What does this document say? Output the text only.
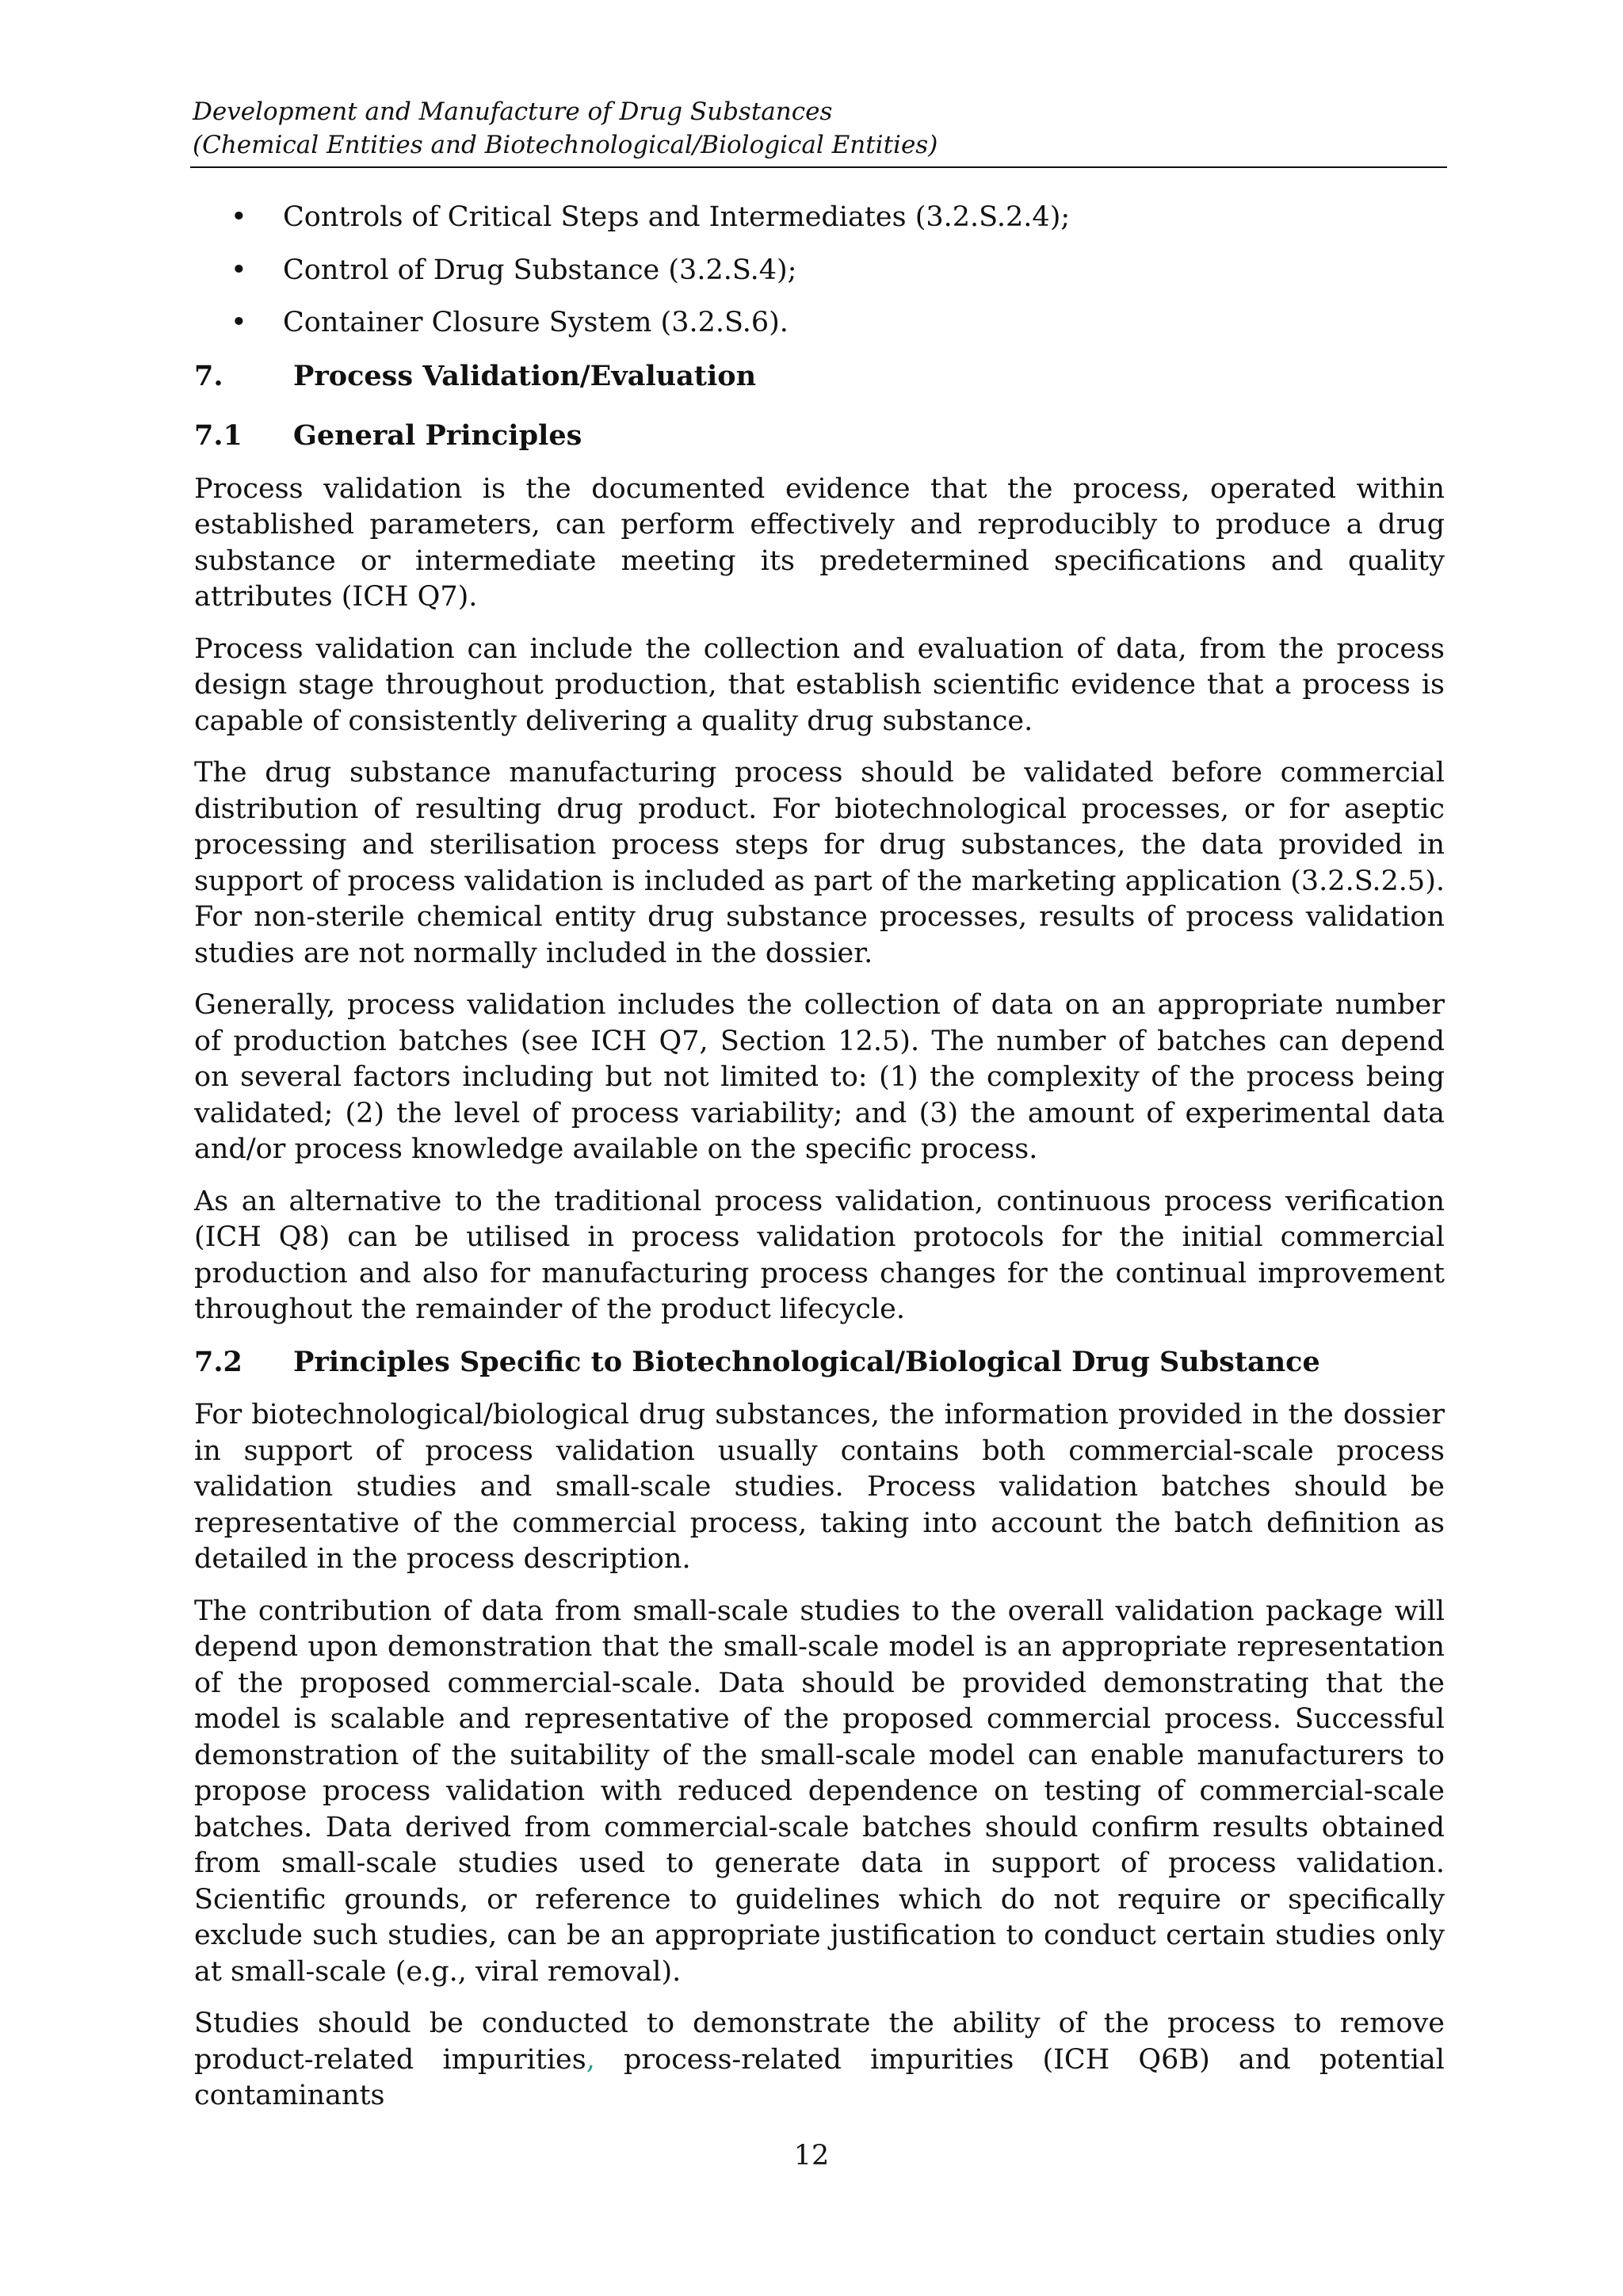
Development and Manufacture of Drug Substances
(Chemical Entities and Biotechnological/Biological Entities)
• Controls of Critical Steps and Intermediates (3.2.S.2.4);
• Control of Drug Substance (3.2.S.4);
• Container Closure System (3.2.S.6).
7.	Process Validation/Evaluation
7.1	General Principles

Process validation is the documented evidence that the process, operated within established parameters, can perform effectively and reproducibly to produce a drug substance or intermediate meeting its predetermined specifications and quality attributes (ICH Q7).

Process validation can include the collection and evaluation of data, from the process design stage throughout production, that establish scientific evidence that a process is capable of consistently delivering a quality drug substance.

The drug substance manufacturing process should be validated before commercial distribution of resulting drug product. For biotechnological processes, or for aseptic processing and sterilisation process steps for drug substances, the data provided in support of process validation is included as part of the marketing application (3.2.S.2.5). For non-sterile chemical entity drug substance processes, results of process validation studies are not normally included in the dossier.

Generally, process validation includes the collection of data on an appropriate number of production batches (see ICH Q7, Section 12.5). The number of batches can depend on several factors including but not limited to: (1) the complexity of the process being validated; (2) the level of process variability; and (3) the amount of experimental data and/or process knowledge available on the specific process.

As an alternative to the traditional process validation, continuous process verification (ICH Q8) can be utilised in process validation protocols for the initial commercial production and also for manufacturing process changes for the continual improvement throughout the remainder of the product lifecycle.

7.2	Principles Specific to Biotechnological/Biological Drug Substance

For biotechnological/biological drug substances, the information provided in the dossier in support of process validation usually contains both commercial-scale process validation studies and small-scale studies. Process validation batches should be representative of the commercial process, taking into account the batch definition as detailed in the process description.

The contribution of data from small-scale studies to the overall validation package will depend upon demonstration that the small-scale model is an appropriate representation of the proposed commercial-scale. Data should be provided demonstrating that the model is scalable and representative of the proposed commercial process. Successful demonstration of the suitability of the small-scale model can enable manufacturers to propose process validation with reduced dependence on testing of commercial-scale batches. Data derived from commercial-scale batches should confirm results obtained from small-scale studies used to generate data in support of process validation. Scientific grounds, or reference to guidelines which do not require or specifically exclude such studies, can be an appropriate justification to conduct certain studies only at small-scale (e.g., viral removal).

Studies should be conducted to demonstrate the ability of the process to remove product-related impurities, process-related impurities (ICH Q6B) and potential contaminants

12
